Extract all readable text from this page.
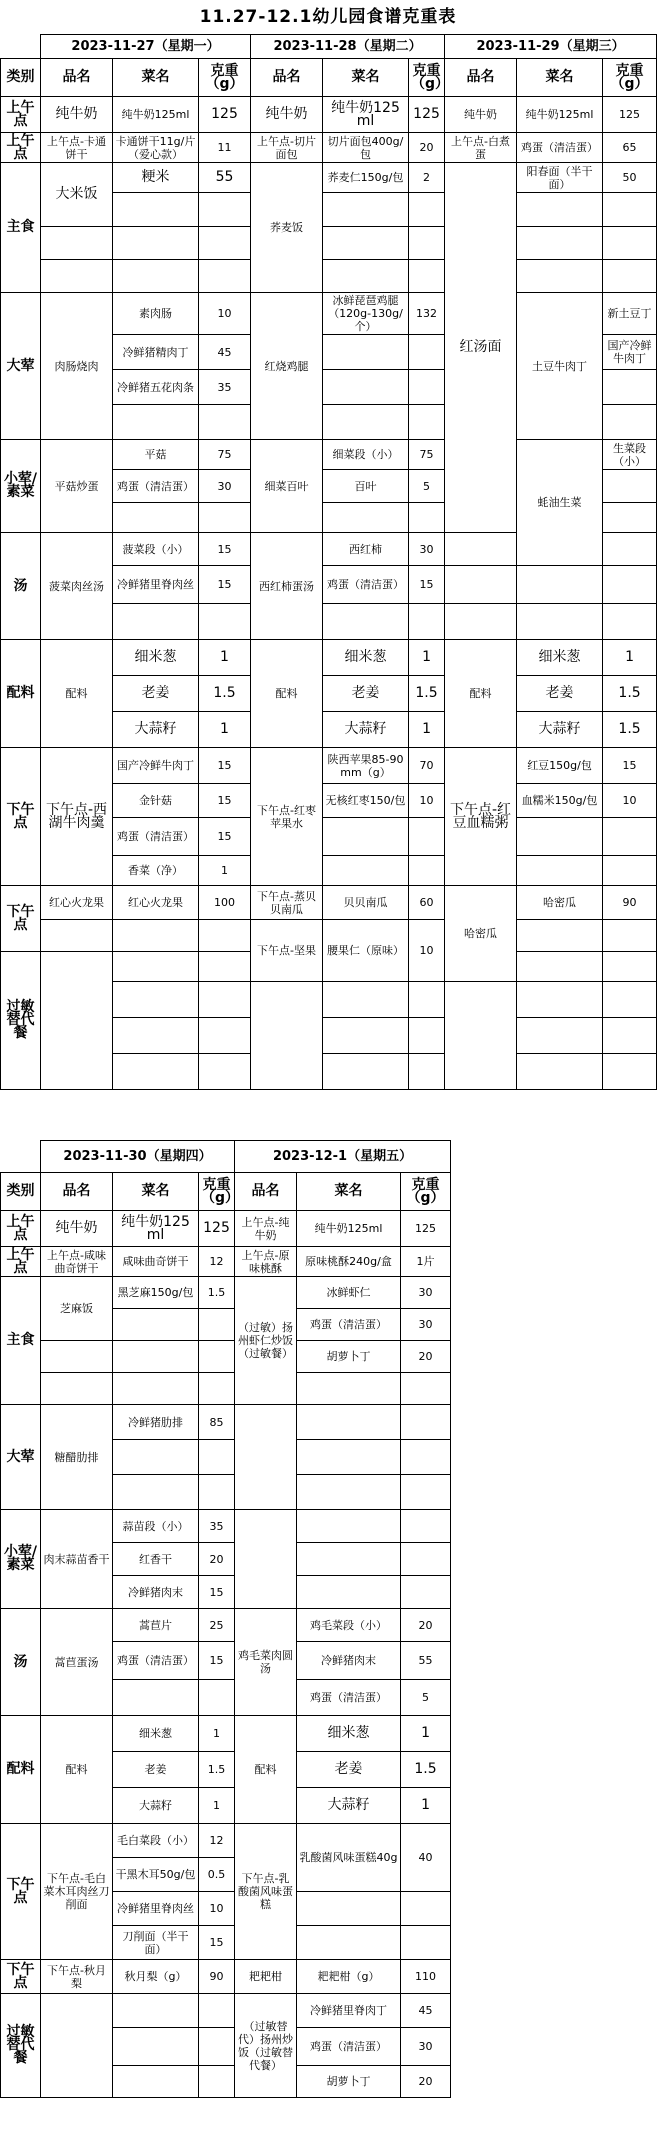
11.27-12.1幼儿园食谱克重表
	2023-11-27（星期一）			2023-11-28（星期二）			2023-11-29（星期三）			
类别	品名	菜名	克重（g）	品名	菜名	克重（g）	品名	菜名	克重（g）	
上午点	纯牛奶	纯牛奶125ml	125	纯牛奶	纯牛奶125ml	125	纯牛奶	纯牛奶125ml	125	
上午点	上午点-卡通饼干	卡通饼干11g/片（爱心款）	11	上午点-切片面包	切片面包400g/包	20	上午点-白煮蛋	鸡蛋（清洁蛋）	65	
主食	大米饭	粳米	55	荞麦饭	荞麦仁150g/包	2	红汤面	阳春面（半干面）	50	

大荤	肉肠烧肉	素肉肠	10	红烧鸡腿	冰鲜琵琶鸡腿（120g-130g/个）	132		土豆牛肉丁	新土豆丁	
		冷鲜猪精肉丁	45						国产冷鲜牛肉丁	
		冷鲜猪五花肉条	35							

小荤/素菜	平菇炒蛋	平菇	75	细菜百叶	细菜段（小）	75		蚝油生菜	生菜段（小）	
		鸡蛋（清洁蛋）	30		百叶	5				

汤	菠菜肉丝汤	菠菜段（小）	15	西红柿蛋汤	西红柿	30				
		冷鲜猪里脊肉丝	15		鸡蛋（清洁蛋）	15				

配料	配料	细米葱	1	配料	细米葱	1	配料	细米葱	1	
		老姜	1.5		老姜	1.5		老姜	1.5	
		大蒜籽	1		大蒜籽	1		大蒜籽	1.5	
下午点	下午点-西湖牛肉羹	国产冷鲜牛肉丁	15	下午点-红枣苹果水	陕西苹果85-90mm（g）	70	下午点-红豆血糯粥	红豆150g/包	15	
		金针菇	15		无核红枣150/包	10		血糯米150g/包	10	
		鸡蛋（清洁蛋）	15							
		香菜（净）	1							
下午点	红心火龙果	红心火龙果	100	下午点-蒸贝贝南瓜	贝贝南瓜	60	哈密瓜	哈密瓜	90	
				下午点-坚果	腰果仁（原味）	10				
过敏替代餐										

	2023-11-30（星期四）			2023-12-1（星期五）		
类别	品名	菜名	克重（g）	品名	菜名	克重（g）
上午点	纯牛奶	纯牛奶125ml	125	上午点-纯牛奶	纯牛奶125ml	125
上午点	上午点-咸味曲奇饼干	咸味曲奇饼干	12	上午点-原味桃酥	原味桃酥240g/盒	1片
主食	芝麻饭	黑芝麻150g/包	1.5	（过敏）扬州虾仁炒饭（过敏餐）	冰鲜虾仁	30
					鸡蛋（清洁蛋）	30
					胡萝卜丁	20

大荤	糖醋肋排	冷鲜猪肋排	85			

小荤/素菜	肉末蒜苗香干	蒜苗段（小）	35			
		红香干	20			
		冷鲜猪肉末	15			
汤	蒿苣蛋汤	蒿苣片	25	鸡毛菜肉圆汤	鸡毛菜段（小）	20
		鸡蛋（清洁蛋）	15		冷鲜猪肉末	55
					鸡蛋（清洁蛋）	5
配料	配料	细米葱	1	配料	细米葱	1
		老姜	1.5		老姜	1.5
		大蒜籽	1		大蒜籽	1
下午点	下午点-毛白菜木耳肉丝刀削面	毛白菜段（小）	12	下午点-乳酸菌风味蛋糕	乳酸菌风味蛋糕40g	40
		干黑木耳50g/包	0.5			
		冷鲜猪里脊肉丝	10			
		刀削面（半干面）	15			
下午点	下午点-秋月梨	秋月梨（g）	90	耙耙柑	耙耙柑（g）	110
过敏替代餐				（过敏替代）扬州炒饭（过敏替代餐）	冷鲜猪里脊肉丁	45
					鸡蛋（清洁蛋）	30
					胡萝卜丁	20
